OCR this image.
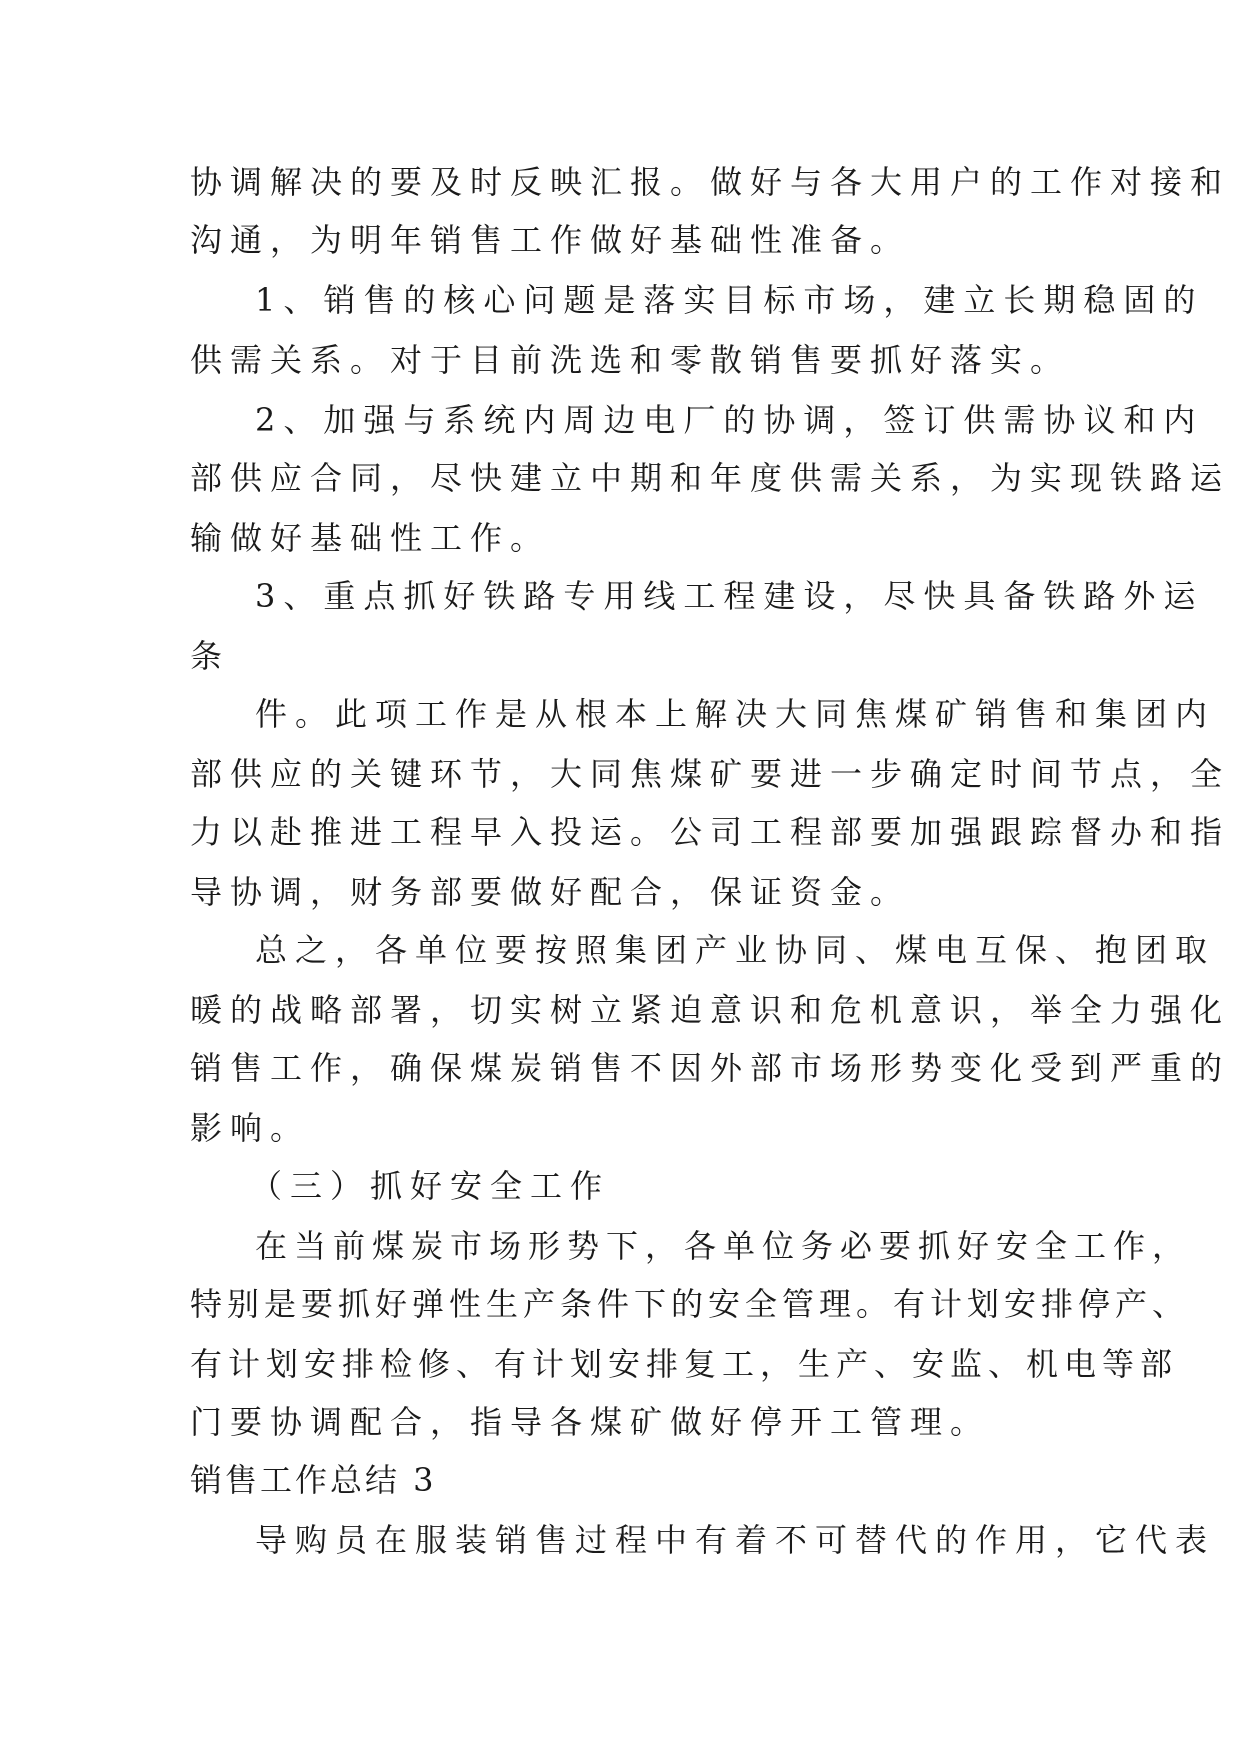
协调解决的要及时反映汇报。做好与各大用户的工作对接和

沟通，为明年销售工作做好基础性准备。

1、销售的核心问题是落实目标市场，建立长期稳固的

供需关系。对于目前洗选和零散销售要抓好落实。

2、加强与系统内周边电厂的协调，签订供需协议和内

部供应合同，尽快建立中期和年度供需关系，为实现铁路运

输做好基础性工作。

3、重点抓好铁路专用线工程建设，尽快具备铁路外运

条

件。此项工作是从根本上解决大同焦煤矿销售和集团内

部供应的关键环节，大同焦煤矿要进一步确定时间节点，全

力以赴推进工程早入投运。公司工程部要加强跟踪督办和指

导协调，财务部要做好配合，保证资金。

总之，各单位要按照集团产业协同、煤电互保、抱团取

暖的战略部署，切实树立紧迫意识和危机意识，举全力强化

销售工作，确保煤炭销售不因外部市场形势变化受到严重的

影响。

（三）抓好安全工作

在当前煤炭市场形势下，各单位务必要抓好安全工作，

特别是要抓好弹性生产条件下的安全管理。有计划安排停产、

有计划安排检修、有计划安排复工，生产、安监、机电等部

门要协调配合，指导各煤矿做好停开工管理。

销售工作总结 3

导购员在服装销售过程中有着不可替代的作用，它代表
